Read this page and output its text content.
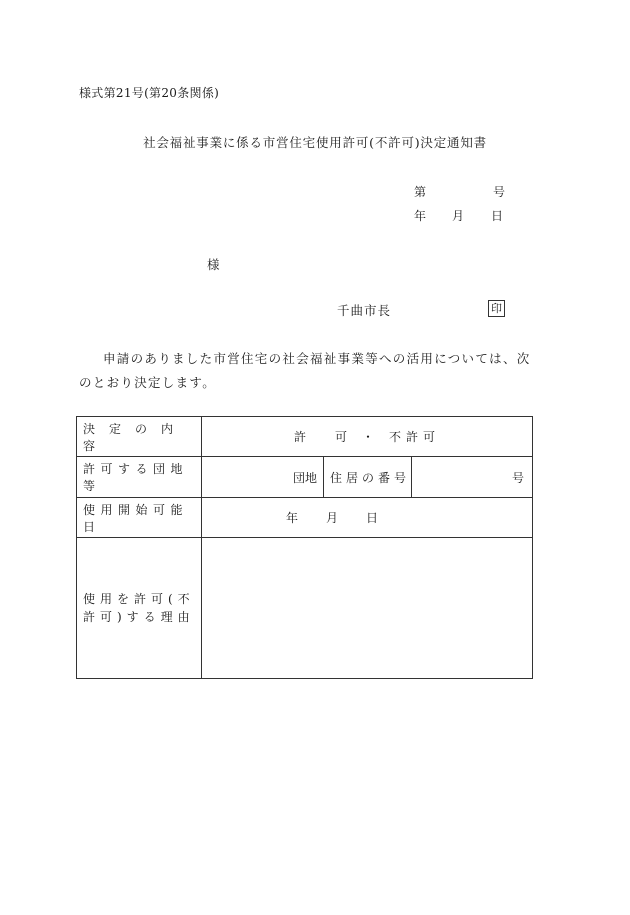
様式第21号(第20条関係)
社会福祉事業に係る市営住宅使用許可(不許可)決定通知書
第	号
年 月 日
様
千曲市長	印
申請のありました市営住宅の社会福祉事業等への活用については、次のとおり決定します。
決定の内容	許 可 ・ 不許可		
許可する団地等	団地	住居の番号	号
使用開始可能日	年 月 日		
使用を許可(不許可)する理由			
